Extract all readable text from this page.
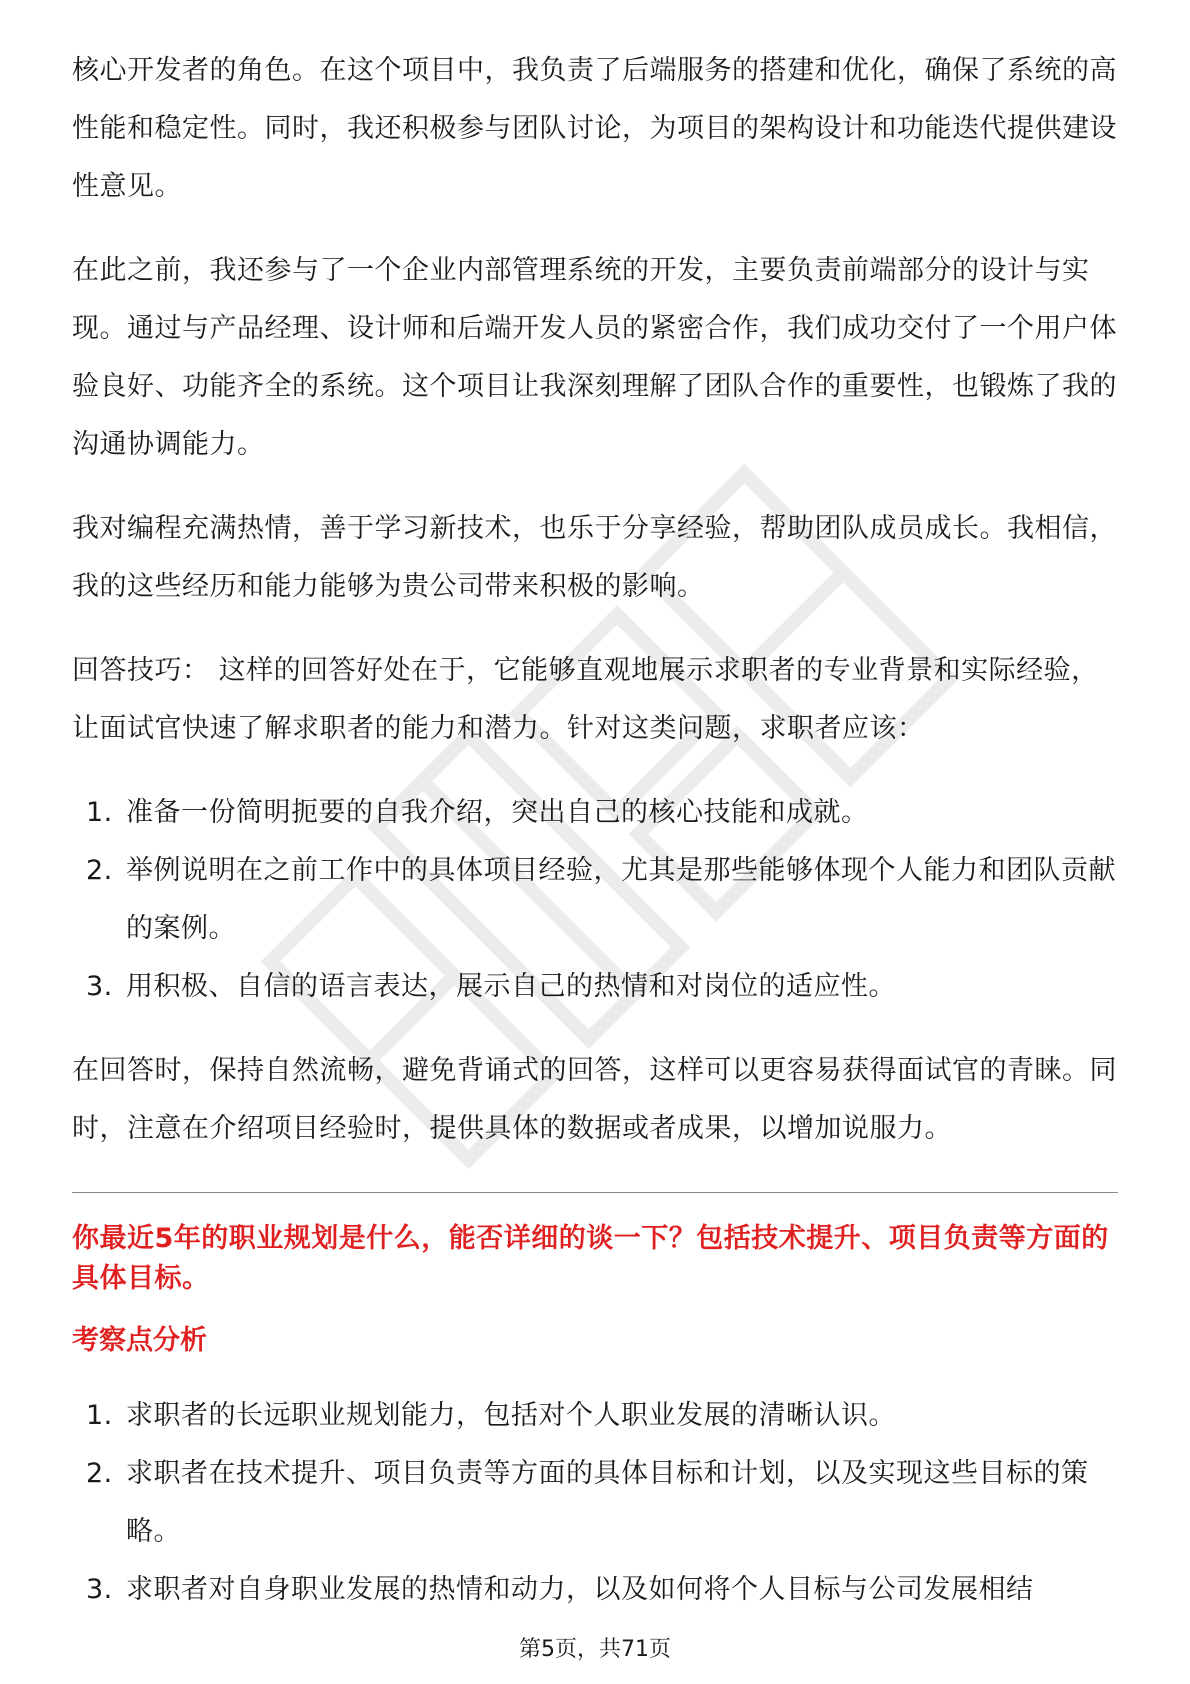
核心开发者的角色。在这个项目中，我负责了后端服务的搭建和优化，确保了系统的高性能和稳定性。同时，我还积极参与团队讨论，为项目的架构设计和功能迭代提供建设性意见。

在此之前，我还参与了一个企业内部管理系统的开发，主要负责前端部分的设计与实现。通过与产品经理、设计师和后端开发人员的紧密合作，我们成功交付了一个用户体验良好、功能齐全的系统。这个项目让我深刻理解了团队合作的重要性，也锻炼了我的沟通协调能力。

我对编程充满热情，善于学习新技术，也乐于分享经验，帮助团队成员成长。我相信，我的这些经历和能力能够为贵公司带来积极的影响。

回答技巧： 这样的回答好处在于，它能够直观地展示求职者的专业背景和实际经验，让面试官快速了解求职者的能力和潜力。针对这类问题，求职者应该：

1. 准备一份简明扼要的自我介绍，突出自己的核心技能和成就。
2. 举例说明在之前工作中的具体项目经验，尤其是那些能够体现个人能力和团队贡献的案例。
3. 用积极、自信的语言表达，展示自己的热情和对岗位的适应性。

在回答时，保持自然流畅，避免背诵式的回答，这样可以更容易获得面试官的青睐。同时，注意在介绍项目经验时，提供具体的数据或者成果，以增加说服力。

你最近5年的职业规划是什么，能否详细的谈一下？包括技术提升、项目负责等方面的具体目标。

考察点分析

1. 求职者的长远职业规划能力，包括对个人职业发展的清晰认识。
2. 求职者在技术提升、项目负责等方面的具体目标和计划，以及实现这些目标的策略。
3. 求职者对自身职业发展的热情和动力，以及如何将个人目标与公司发展相结
第5页，共71页
